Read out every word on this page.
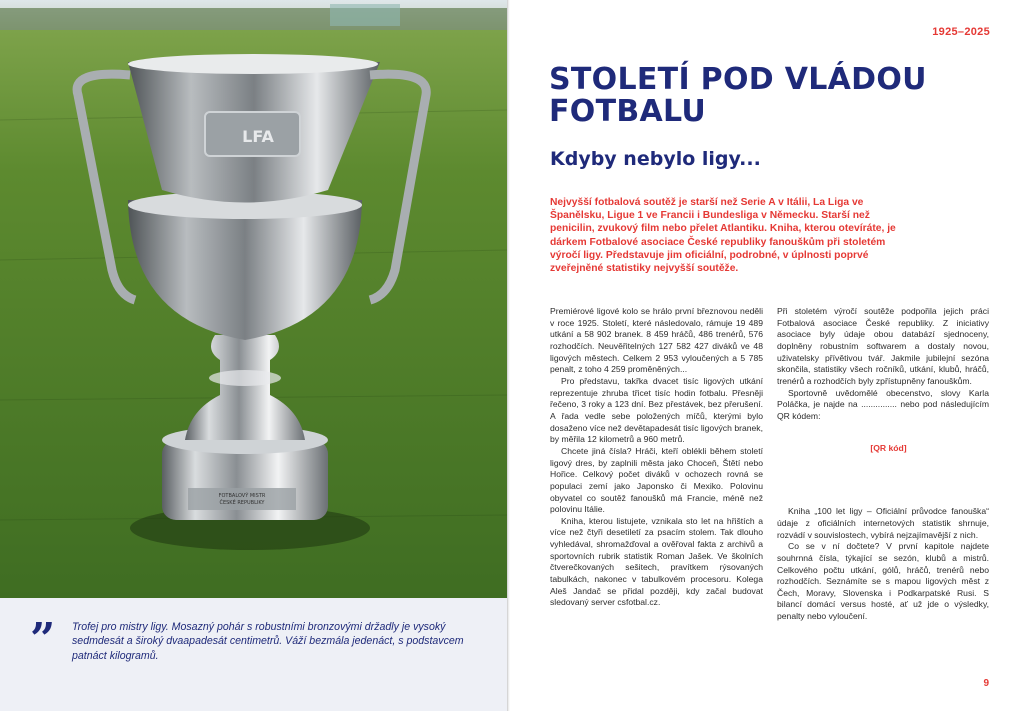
FOTBALOVÝ MISTR
ČESKÉ REPUBLIKY
LFA
” Trofej pro mistry ligy. Mosazný pohár s robustními bronzovými držadly je vysoký sedmdesát a široký dvaapadesát centimetrů. Váží bezmála jedenáct, s podstavcem patnáct kilogramů.
1925–2025
STOLETÍ POD VLÁDOU FOTBALU
Kdyby nebylo ligy...

Nejvyšší fotbalová soutěž je starší než Serie A v Itálii, La Liga ve Španělsku, Ligue 1 ve Francii i Bundesliga v Německu. Starší než penicilin, zvukový film nebo přelet Atlantiku. Kniha, kterou otevíráte, je dárkem Fotbalové asociace České republiky fanouškům při stoletém výročí ligy. Představuje jim oficiální, podrobné, v úplnosti poprvé zveřejněné statistiky nejvyšší soutěže.

Premiérové ligové kolo se hrálo první březnovou neděli v roce 1925. Století, které následovalo, rámuje 19 489 utkání a 58 902 branek. 8 459 hráčů, 486 trenérů, 576 rozhodčích. Neuvěřitelných 127 582 427 diváků ve 48 ligových městech. Celkem 2 953 vyloučených a 5 785 penalt, z toho 4 259 proměněných...

Pro představu, takřka dvacet tisíc ligových utkání reprezentuje zhruba třicet tisíc hodin fotbalu. Přesněji řečeno, 3 roky a 123 dní. Bez přestávek, bez přerušení. A řada vedle sebe položených míčů, kterými bylo dosaženo více než devětapadesát tisíc ligových branek, by měřila 12 kilometrů a 960 metrů.

Chcete jiná čísla? Hráči, kteří oblékli během století ligový dres, by zaplnili města jako Choceň, Štětí nebo Hořice. Celkový počet diváků v ochozech rovná se populaci zemí jako Japonsko či Mexiko. Polovinu obyvatel co soutěž fanoušků má Francie, méně než polovinu Itálie.

Kniha, kterou listujete, vznikala sto let na hřištích a více než čtyři desetiletí za psacím stolem. Tak dlouho vyhledával, shromažďoval a ověřoval fakta z archivů a sportovních rubrik statistik Roman Jašek. Ve školních čtverečkovaných sešitech, pravítkem rýsovaných tabulkách, nakonec v tabulkovém procesoru. Kolega Aleš Jandač se přidal později, kdy začal budovat sledovaný server csfotbal.cz.

Při stoletém výročí soutěže podpořila jejich práci Fotbalová asociace České republiky. Z iniciativy asociace byly údaje obou databází sjednoceny, doplněny robustním softwarem a dostaly novou, uživatelsky přívětivou tvář. Jakmile jubilejní sezóna skončila, statistiky všech ročníků, utkání, klubů, hráčů, trenérů a rozhodčích byly zpřístupněny fanouškům.

Sportovně uvědomělé obecenstvo, slovy Karla Poláčka, je najde na ............... nebo pod následujícím QR kódem:

[QR kód]

Kniha „100 let ligy – Oficiální průvodce fanouška“ údaje z oficiálních internetových statistik shrnuje, rozvádí v souvislostech, vybírá nejzajímavější z nich.

Co se v ní dočtete? V první kapitole najdete souhrnná čísla, týkající se sezón, klubů a mistrů. Celkového počtu utkání, gólů, hráčů, trenérů nebo rozhodčích. Seznámíte se s mapou ligových měst z Čech, Moravy, Slovenska i Podkarpatské Rusi. S bilancí domácí versus hosté, ať už jde o výsledky, penalty nebo vyloučení.

9
